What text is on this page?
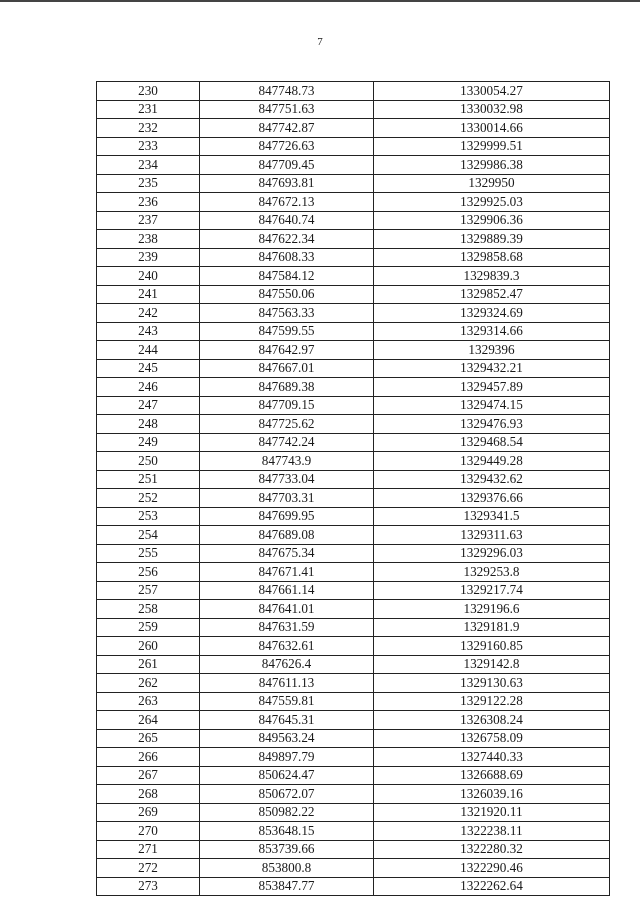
7
230	847748.73	1330054.27
231	847751.63	1330032.98
232	847742.87	1330014.66
233	847726.63	1329999.51
234	847709.45	1329986.38
235	847693.81	1329950
236	847672.13	1329925.03
237	847640.74	1329906.36
238	847622.34	1329889.39
239	847608.33	1329858.68
240	847584.12	1329839.3
241	847550.06	1329852.47
242	847563.33	1329324.69
243	847599.55	1329314.66
244	847642.97	1329396
245	847667.01	1329432.21
246	847689.38	1329457.89
247	847709.15	1329474.15
248	847725.62	1329476.93
249	847742.24	1329468.54
250	847743.9	1329449.28
251	847733.04	1329432.62
252	847703.31	1329376.66
253	847699.95	1329341.5
254	847689.08	1329311.63
255	847675.34	1329296.03
256	847671.41	1329253.8
257	847661.14	1329217.74
258	847641.01	1329196.6
259	847631.59	1329181.9
260	847632.61	1329160.85
261	847626.4	1329142.8
262	847611.13	1329130.63
263	847559.81	1329122.28
264	847645.31	1326308.24
265	849563.24	1326758.09
266	849897.79	1327440.33
267	850624.47	1326688.69
268	850672.07	1326039.16
269	850982.22	1321920.11
270	853648.15	1322238.11
271	853739.66	1322280.32
272	853800.8	1322290.46
273	853847.77	1322262.64
